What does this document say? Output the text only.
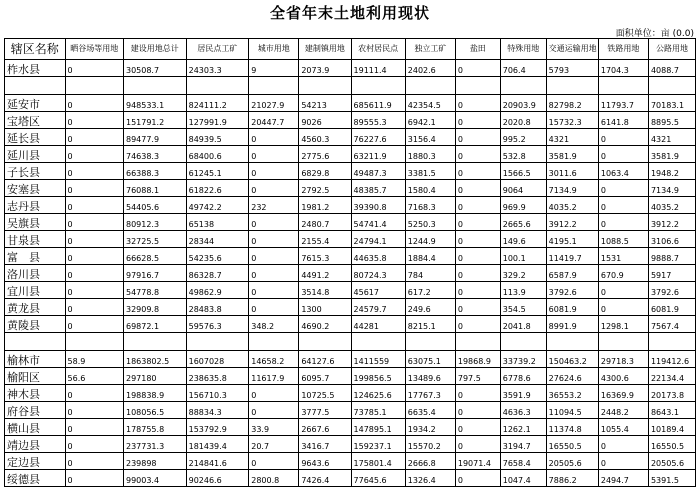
全省年末土地利用现状
面积单位：亩 (0.0)
辖区名称	晒谷场等用地	建设用地总计	居民点工矿	城市用地	建制镇用地	农村居民点	独立工矿	盐田	特殊用地	交通运输用地	铁路用地	公路用地
柞水县	0	30508.7	24303.3	9	2073.9	19111.4	2402.6	0	706.4	5793	1704.3	4088.7

延安市	0	948533.1	824111.2	21027.9	54213	685611.9	42354.5	0	20903.9	82798.2	11793.7	70183.1
宝塔区	0	151791.2	127991.9	20447.7	9026	89555.3	6942.1	0	2020.8	15732.3	6141.8	8895.5
延长县	0	89477.9	84939.5	0	4560.3	76227.6	3156.4	0	995.2	4321	0	4321
延川县	0	74638.3	68400.6	0	2775.6	63211.9	1880.3	0	532.8	3581.9	0	3581.9
子长县	0	66388.3	61245.1	0	6829.8	49487.3	3381.5	0	1566.5	3011.6	1063.4	1948.2
安塞县	0	76088.1	61822.6	0	2792.5	48385.7	1580.4	0	9064	7134.9	0	7134.9
志丹县	0	54405.6	49742.2	232	1981.2	39390.8	7168.3	0	969.9	4035.2	0	4035.2
吴旗县	0	80912.3	65138	0	2480.7	54741.4	5250.3	0	2665.6	3912.2	0	3912.2
甘泉县	0	32725.5	28344	0	2155.4	24794.1	1244.9	0	149.6	4195.1	1088.5	3106.6
富　县	0	66628.5	54235.6	0	7615.3	44635.8	1884.4	0	100.1	11419.7	1531	9888.7
洛川县	0	97916.7	86328.7	0	4491.2	80724.3	784	0	329.2	6587.9	670.9	5917
宜川县	0	54778.8	49862.9	0	3514.8	45617	617.2	0	113.9	3792.6	0	3792.6
黄龙县	0	32909.8	28483.8	0	1300	24579.7	249.6	0	354.5	6081.9	0	6081.9
黄陵县	0	69872.1	59576.3	348.2	4690.2	44281	8215.1	0	2041.8	8991.9	1298.1	7567.4

榆林市	58.9	1863802.5	1607028	14658.2	64127.6	1411559	63075.1	19868.9	33739.2	150463.2	29718.3	119412.6
榆阳区	56.6	297180	238635.8	11617.9	6095.7	199856.5	13489.6	797.5	6778.6	27624.6	4300.6	22134.4
神木县	0	198838.9	156710.3	0	10725.5	124625.6	17767.3	0	3591.9	36553.2	16369.9	20173.8
府谷县	0	108056.5	88834.3	0	3777.5	73785.1	6635.4	0	4636.3	11094.5	2448.2	8643.1
横山县	0	178755.8	153792.9	33.9	2667.6	147895.1	1934.2	0	1262.1	11374.8	1055.4	10189.4
靖边县	0	237731.3	181439.4	20.7	3416.7	159237.1	15570.2	0	3194.7	16550.5	0	16550.5
定边县	0	239898	214841.6	0	9643.6	175801.4	2666.8	19071.4	7658.4	20505.6	0	20505.6
绥德县	0	99003.4	90246.6	2800.8	7426.4	77645.6	1326.4	0	1047.4	7886.2	2494.7	5391.5
